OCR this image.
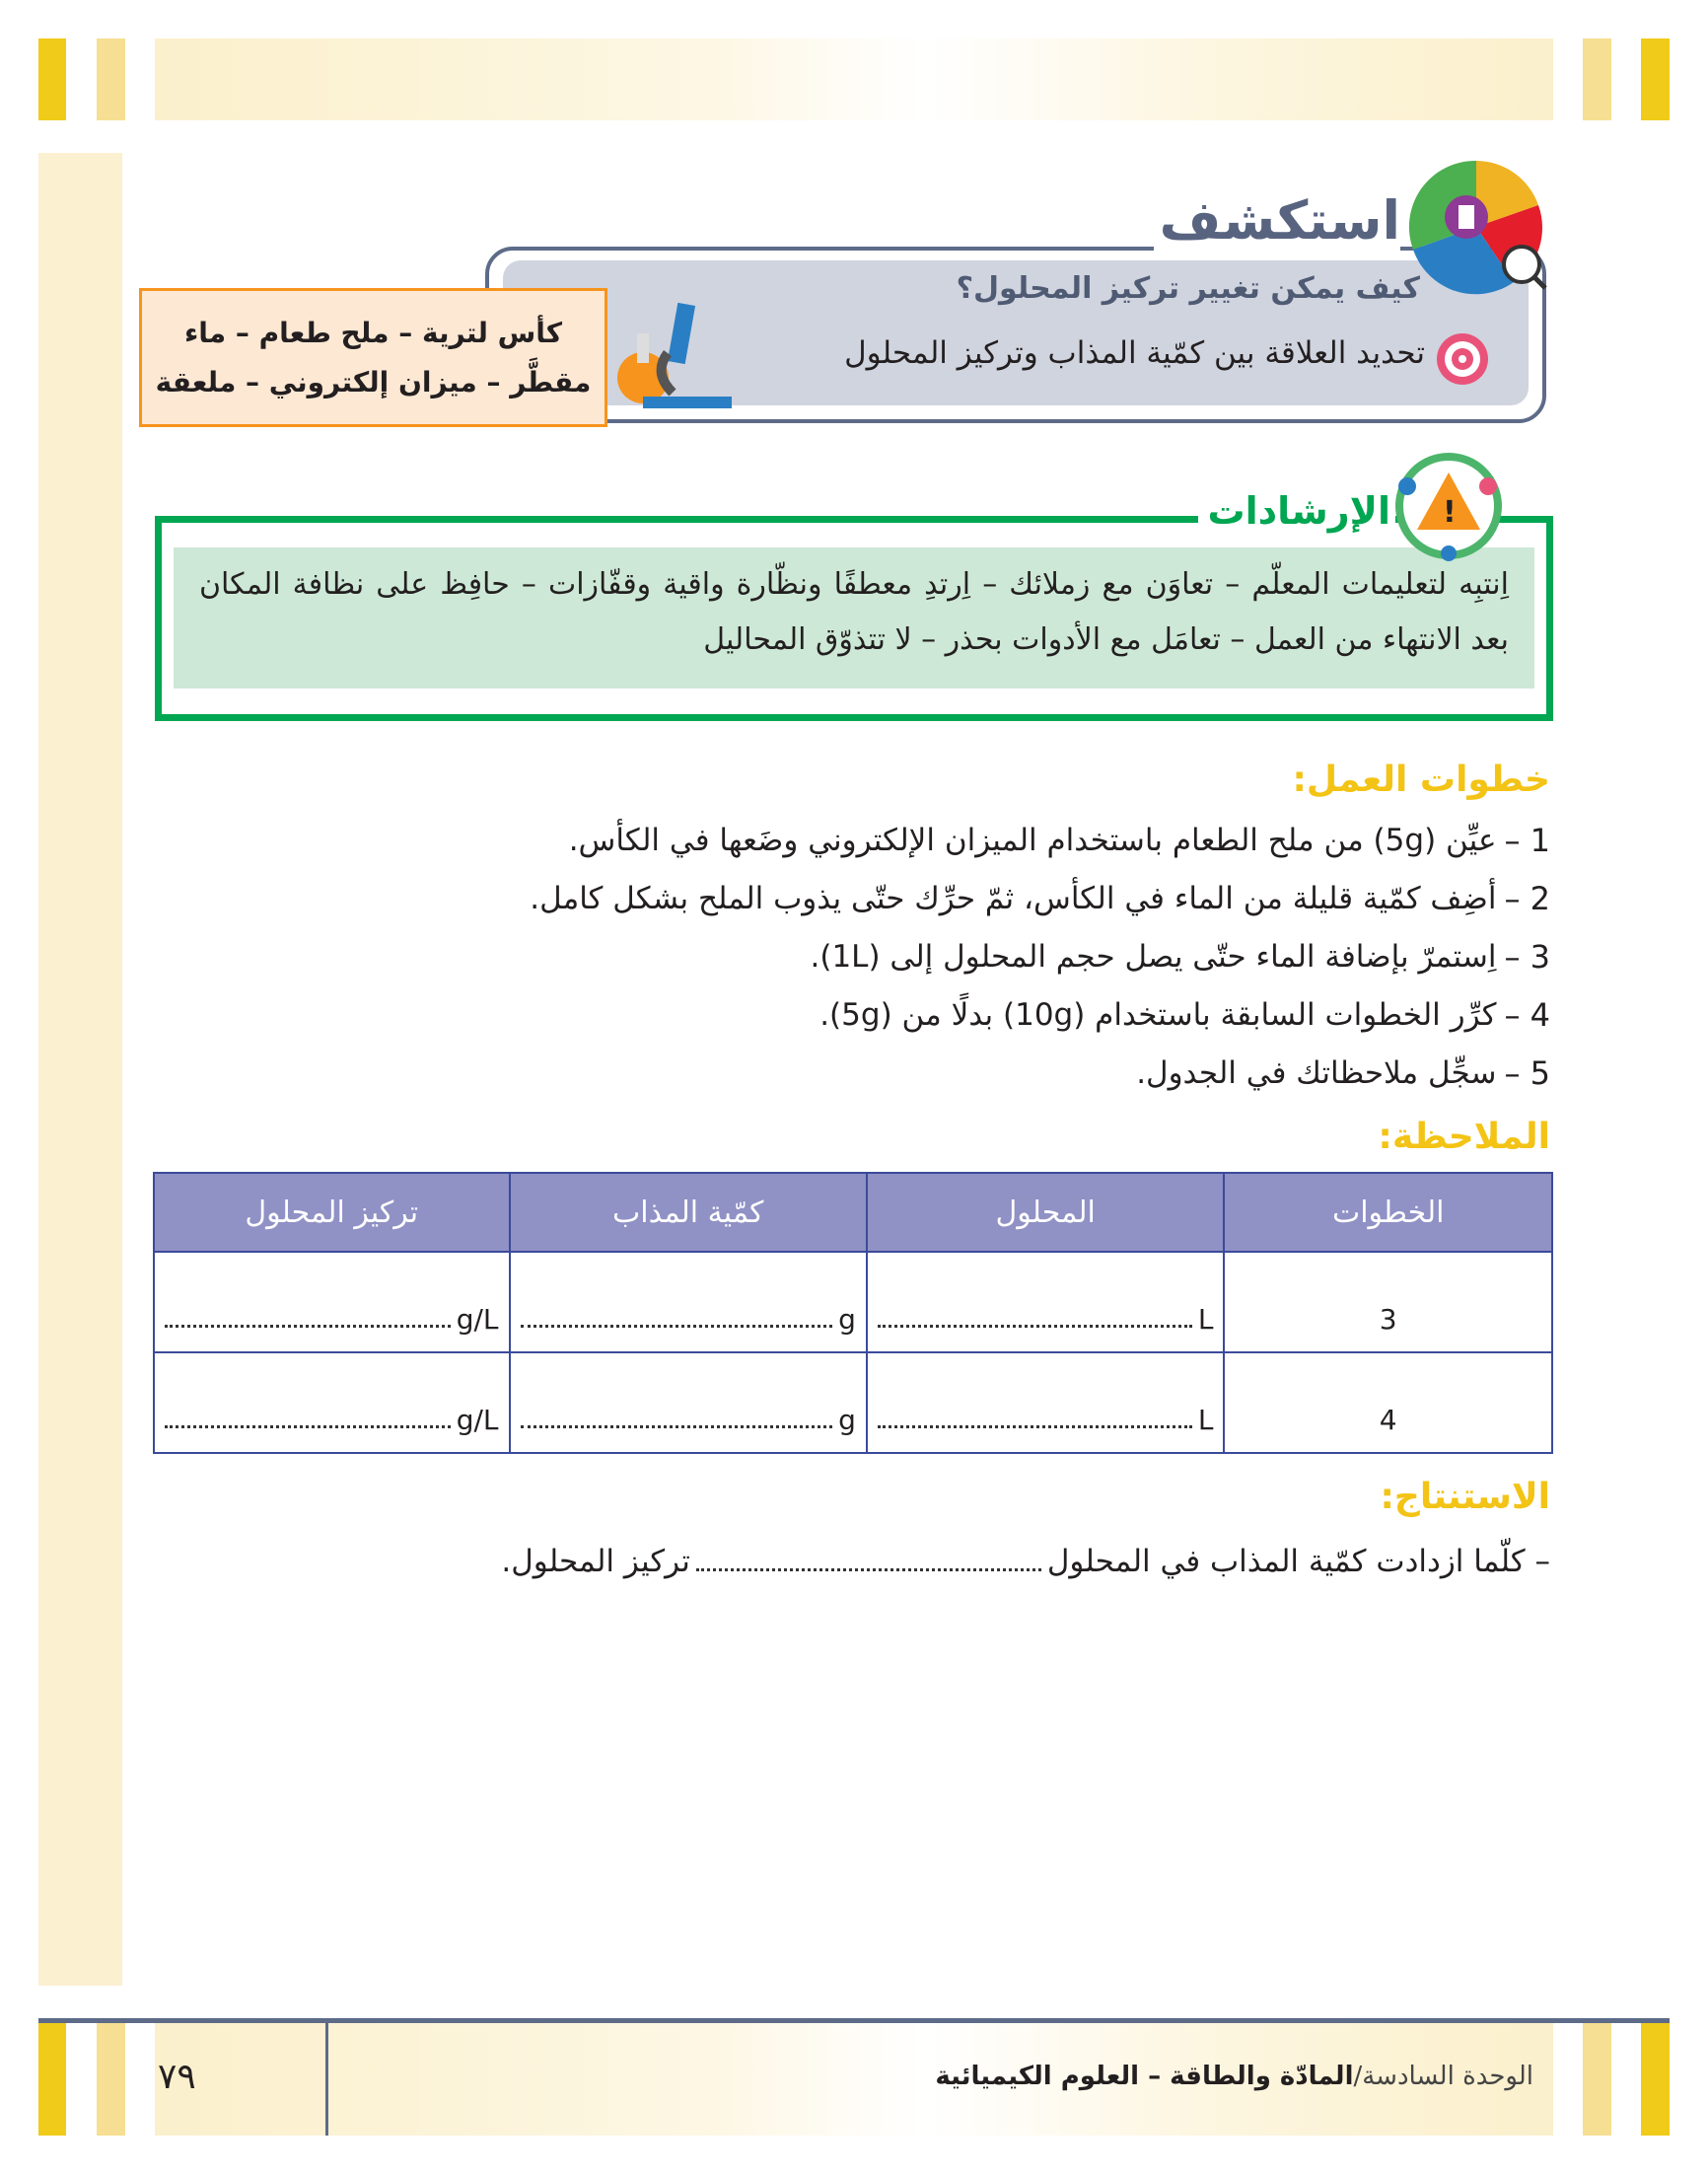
استكشف
كيف يمكن تغيير تركيز المحلول؟
تحديد العلاقة بين كمّية المذاب وتركيز المحلول
كأس لترية – ملح طعام – ماء
مقطَّر – ميزان إلكتروني – ملعقة
اِنتبِه لتعليمات المعلّم – تعاوَن مع زملائك – اِرتدِ معطفًا ونظّارة واقية وقفّازات – حافِظ على نظافة المكان بعد الانتهاء من العمل – تعامَل مع الأدوات بحذر – لا تتذوّق المحاليل
الإرشادات !
خطوات العمل:
1 –
عيِّن (5g) من ملح الطعام باستخدام الميزان الإلكتروني وضَعها في الكأس.
2 –
أضِف كمّية قليلة من الماء في الكأس، ثمّ حرِّك حتّى يذوب الملح بشكل كامل.
3 –
اِستمرّ بإضافة الماء حتّى يصل حجم المحلول إلى (1L).
4 –
كرِّر الخطوات السابقة باستخدام (10g) بدلًا من (5g).
5 –
سجِّل ملاحظاتك في الجدول.
الملاحظة:
الخطوات	المحلول	كمّية المذاب	تركيز المحلول
3	L	g	g/L

4	L	g	g/L
الاستنتاج:
– كلّما ازدادت كمّية المذاب في المحلول
تركيز المحلول.
٧٩	الوحدة السادسة/المادّة والطاقة – العلوم الكيميائية
